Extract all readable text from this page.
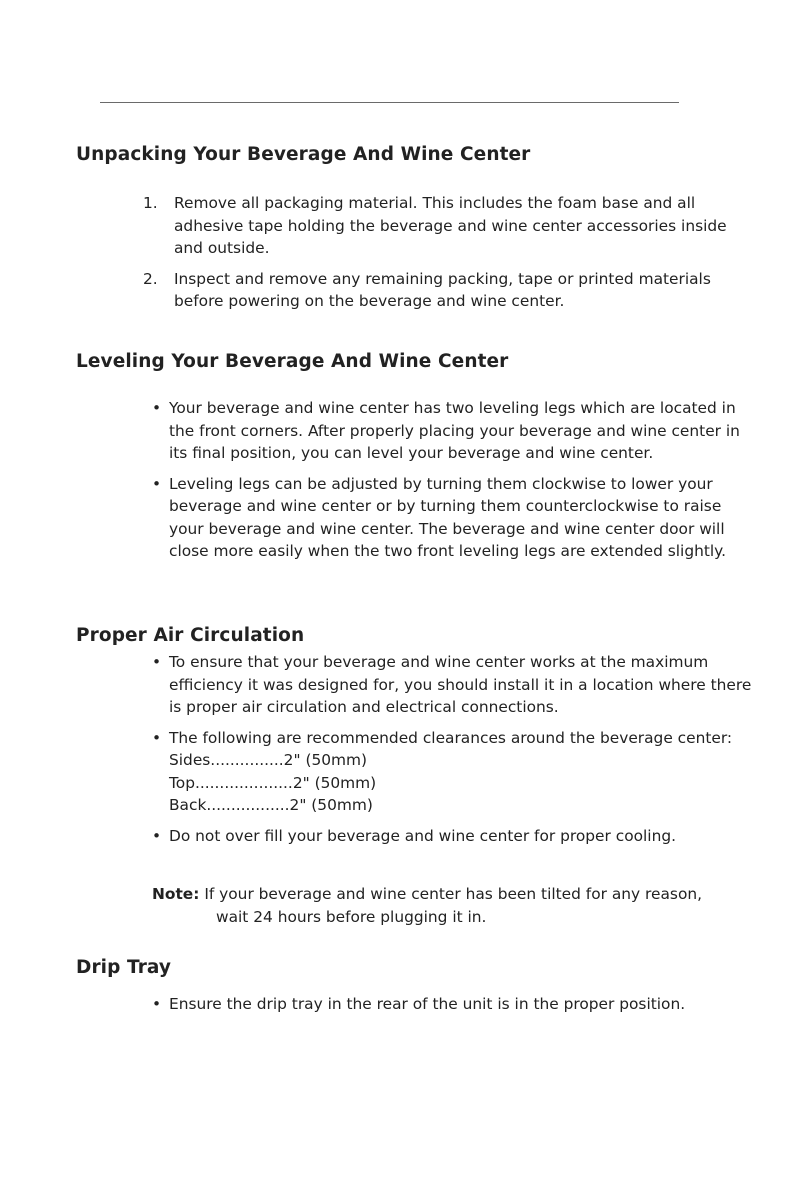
Unpacking Your Beverage And Wine Center
1.	Remove all packaging material. This includes the foam base and all adhesive tape holding the beverage and wine center accessories inside and outside.
2.	Inspect and remove any remaining packing, tape or printed materials before powering on the beverage and wine center.
Leveling Your Beverage And Wine Center
• Your beverage and wine center has two leveling legs which are located in the front corners. After properly placing your beverage and wine center in its final position, you can level your beverage and wine center.
• Leveling legs can be adjusted by turning them clockwise to lower your beverage and wine center or by turning them counterclockwise to raise your beverage and wine center. The beverage and wine center door will close more easily when the two front leveling legs are extended slightly.
Proper Air Circulation
• To ensure that your beverage and wine center works at the maximum efficiency it was designed for, you should install it in a location where there is proper air circulation and electrical connections.
• The following are recommended clearances around the beverage center:
Sides...............2" (50mm)
Top....................2" (50mm)
Back.................2" (50mm)
• Do not over fill your beverage and wine center for proper cooling.
Note: If your beverage and wine center has been tilted for any reason,
wait 24 hours before plugging it in.
Drip Tray
• Ensure the drip tray in the rear of the unit is in the proper position.
